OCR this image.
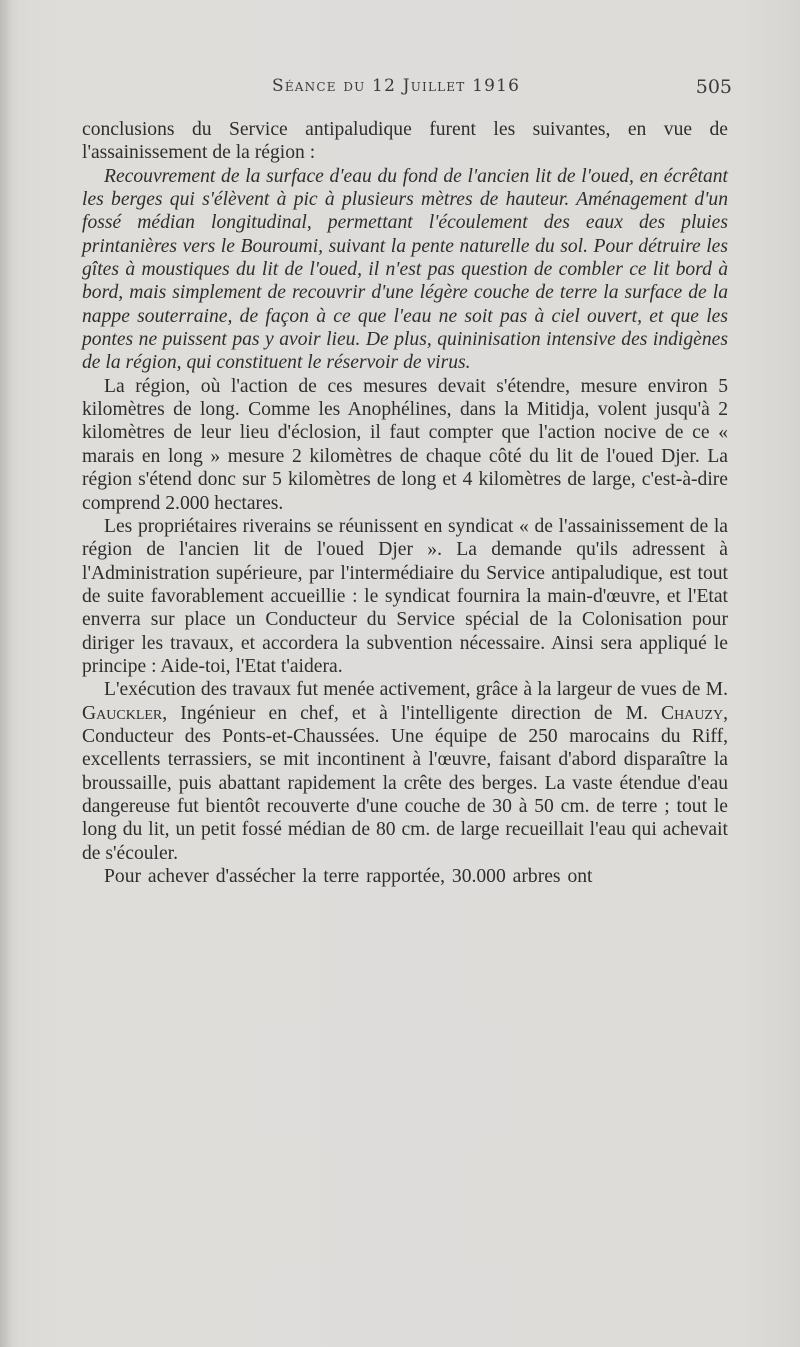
Séance du 12 Juillet 1916	505

conclusions du Service antipaludique furent les suivantes, en vue de l'assainissement de la région :

Recouvrement de la surface d'eau du fond de l'ancien lit de l'oued, en écrêtant les berges qui s'élèvent à pic à plusieurs mètres de hauteur. Aménagement d'un fossé médian longitudinal, permettant l'écoulement des eaux des pluies printanières vers le Bouroumi, suivant la pente naturelle du sol. Pour détruire les gîtes à moustiques du lit de l'oued, il n'est pas question de combler ce lit bord à bord, mais simplement de recouvrir d'une légère couche de terre la surface de la nappe souterraine, de façon à ce que l'eau ne soit pas à ciel ouvert, et que les pontes ne puissent pas y avoir lieu. De plus, quininisation intensive des indigènes de la région, qui constituent le réservoir de virus.

La région, où l'action de ces mesures devait s'étendre, mesure environ 5 kilomètres de long. Comme les Anophélines, dans la Mitidja, volent jusqu'à 2 kilomètres de leur lieu d'éclosion, il faut compter que l'action nocive de ce « marais en long » mesure 2 kilomètres de chaque côté du lit de l'oued Djer. La région s'étend donc sur 5 kilomètres de long et 4 kilomètres de large, c'est-à-dire comprend 2.000 hectares.

Les propriétaires riverains se réunissent en syndicat « de l'assainissement de la région de l'ancien lit de l'oued Djer ». La demande qu'ils adressent à l'Administration supérieure, par l'intermédiaire du Service antipaludique, est tout de suite favorablement accueillie : le syndicat fournira la main-d'œuvre, et l'Etat enverra sur place un Conducteur du Service spécial de la Colonisation pour diriger les travaux, et accordera la subvention nécessaire. Ainsi sera appliqué le principe : Aide-toi, l'Etat t'aidera.

L'exécution des travaux fut menée activement, grâce à la largeur de vues de M. Gauckler, Ingénieur en chef, et à l'intelligente direction de M. Chauzy, Conducteur des Ponts-et-Chaussées. Une équipe de 250 marocains du Riff, excellents terrassiers, se mit incontinent à l'œuvre, faisant d'abord disparaître la broussaille, puis abattant rapidement la crête des berges. La vaste étendue d'eau dangereuse fut bientôt recouverte d'une couche de 30 à 50 cm. de terre ; tout le long du lit, un petit fossé médian de 80 cm. de large recueillait l'eau qui achevait de s'écouler.

Pour achever d'assécher la terre rapportée, 30.000 arbres ont
